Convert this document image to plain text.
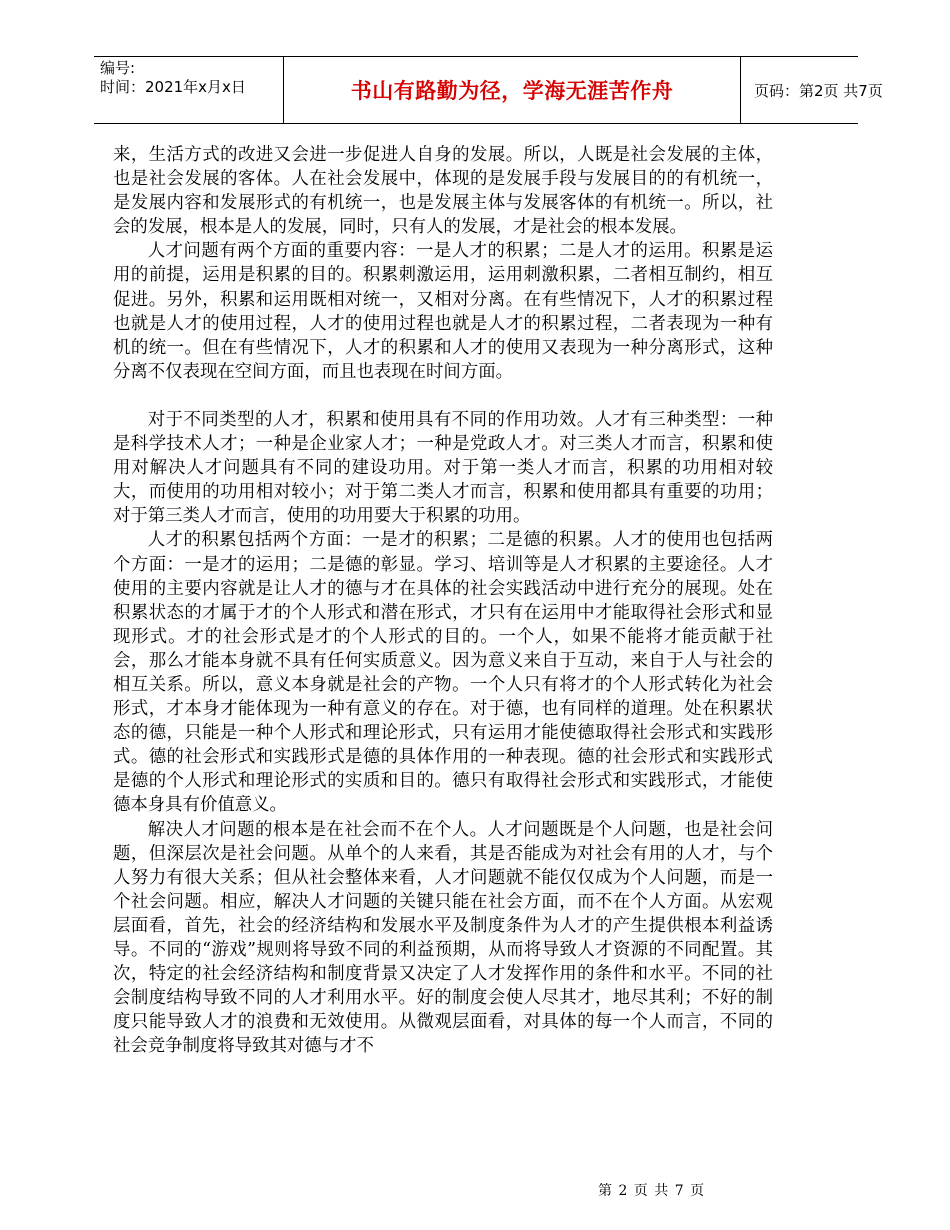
编号:
时间：2021年x月x日	书山有路勤为径，学海无涯苦作舟	页码：第2页 共7页

来，生活方式的改进又会进一步促进人自身的发展。所以，人既是社会发展的主体，也是社会发展的客体。人在社会发展中，体现的是发展手段与发展目的的有机统一，是发展内容和发展形式的有机统一，也是发展主体与发展客体的有机统一。所以，社会的发展，根本是人的发展，同时，只有人的发展，才是社会的根本发展。

人才问题有两个方面的重要内容：一是人才的积累；二是人才的运用。积累是运用的前提，运用是积累的目的。积累刺激运用，运用刺激积累，二者相互制约，相互促进。另外，积累和运用既相对统一，又相对分离。在有些情况下，人才的积累过程也就是人才的使用过程，人才的使用过程也就是人才的积累过程，二者表现为一种有机的统一。但在有些情况下，人才的积累和人才的使用又表现为一种分离形式，这种分离不仅表现在空间方面，而且也表现在时间方面。

对于不同类型的人才，积累和使用具有不同的作用功效。人才有三种类型：一种是科学技术人才；一种是企业家人才；一种是党政人才。对三类人才而言，积累和使用对解决人才问题具有不同的建设功用。对于第一类人才而言，积累的功用相对较大，而使用的功用相对较小；对于第二类人才而言，积累和使用都具有重要的功用；对于第三类人才而言，使用的功用要大于积累的功用。

人才的积累包括两个方面：一是才的积累；二是德的积累。人才的使用也包括两个方面：一是才的运用；二是德的彰显。学习、培训等是人才积累的主要途径。人才使用的主要内容就是让人才的德与才在具体的社会实践活动中进行充分的展现。处在积累状态的才属于才的个人形式和潜在形式，才只有在运用中才能取得社会形式和显现形式。才的社会形式是才的个人形式的目的。一个人，如果不能将才能贡献于社会，那么才能本身就不具有任何实质意义。因为意义来自于互动，来自于人与社会的相互关系。所以，意义本身就是社会的产物。一个人只有将才的个人形式转化为社会形式，才本身才能体现为一种有意义的存在。对于德，也有同样的道理。处在积累状态的德，只能是一种个人形式和理论形式，只有运用才能使德取得社会形式和实践形式。德的社会形式和实践形式是德的具体作用的一种表现。德的社会形式和实践形式是德的个人形式和理论形式的实质和目的。德只有取得社会形式和实践形式，才能使德本身具有价值意义。

解决人才问题的根本是在社会而不在个人。人才问题既是个人问题，也是社会问题，但深层次是社会问题。从单个的人来看，其是否能成为对社会有用的人才，与个人努力有很大关系；但从社会整体来看，人才问题就不能仅仅成为个人问题，而是一个社会问题。相应，解决人才问题的关键只能在社会方面，而不在个人方面。从宏观层面看，首先，社会的经济结构和发展水平及制度条件为人才的产生提供根本利益诱导。不同的“游戏”规则将导致不同的利益预期，从而将导致人才资源的不同配置。其次，特定的社会经济结构和制度背景又决定了人才发挥作用的条件和水平。不同的社会制度结构导致不同的人才利用水平。好的制度会使人尽其才，地尽其利；不好的制度只能导致人才的浪费和无效使用。从微观层面看，对具体的每一个人而言，不同的社会竞争制度将导致其对德与才不

第 2 页 共 7 页
